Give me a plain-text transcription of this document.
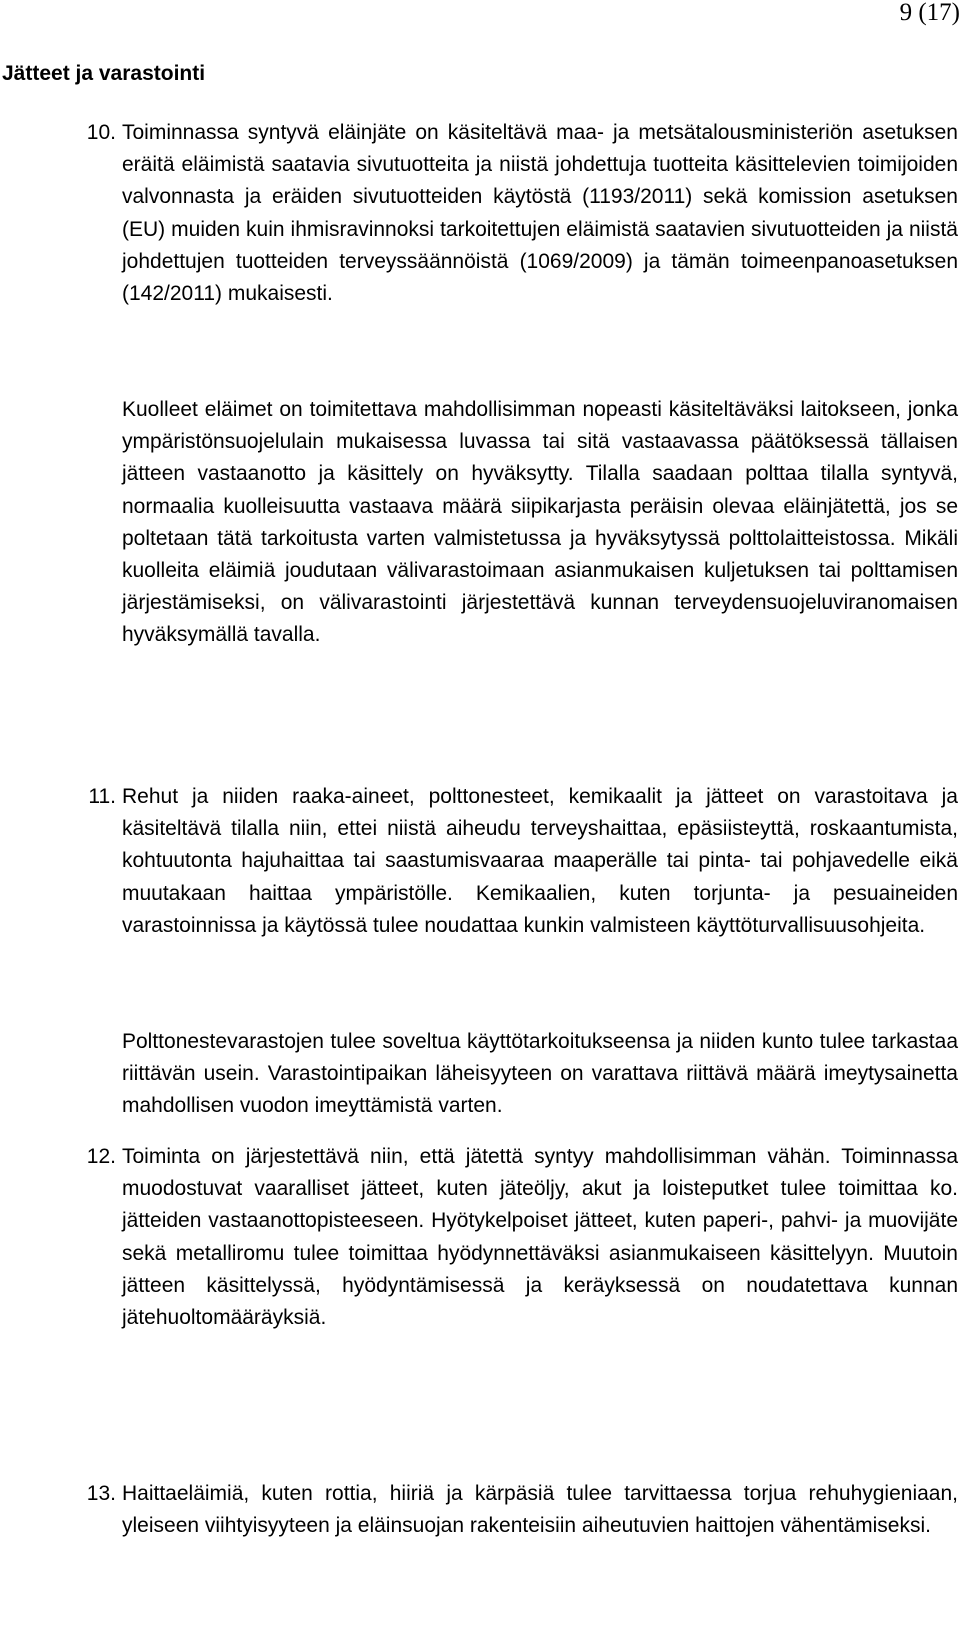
9 (17)
Jätteet ja varastointi
10. Toiminnassa syntyvä eläinjäte on käsiteltävä maa- ja metsätalousministeriön asetuksen eräitä eläimistä saatavia sivutuotteita ja niistä johdettuja tuotteita käsittelevien toimijoiden valvonnasta ja eräiden sivutuotteiden käytöstä (1193/2011) sekä komission asetuksen (EU) muiden kuin ihmisravinnoksi tarkoitettujen eläimistä saatavien sivutuotteiden ja niistä johdettujen tuotteiden terveyssäännöistä (1069/2009) ja tämän toimeenpanoasetuksen (142/2011) mukaisesti.
Kuolleet eläimet on toimitettava mahdollisimman nopeasti käsiteltäväksi laitokseen, jonka ympäristönsuojelulain mukaisessa luvassa tai sitä vastaavassa päätöksessä tällaisen jätteen vastaanotto ja käsittely on hyväksytty. Tilalla saadaan polttaa tilalla syntyvä, normaalia kuolleisuutta vastaava määrä siipikarjasta peräisin olevaa eläinjätettä, jos se poltetaan tätä tarkoitusta varten valmistetussa ja hyväksytyssä polttolaitteistossa. Mikäli kuolleita eläimiä joudutaan välivarastoimaan asianmukaisen kuljetuksen tai polttamisen järjestämiseksi, on välivarastointi järjestettävä kunnan terveydensuojeluviranomaisen hyväksymällä tavalla.
11. Rehut ja niiden raaka-aineet, polttonesteet, kemikaalit ja jätteet on varastoitava ja käsiteltävä tilalla niin, ettei niistä aiheudu terveyshaittaa, epäsiisteyttä, roskaantumista, kohtuutonta hajuhaittaa tai saastumisvaaraa maaperälle tai pinta- tai pohjavedelle eikä muutakaan haittaa ympäristölle. Kemikaalien, kuten torjunta- ja pesuaineiden varastoinnissa ja käytössä tulee noudattaa kunkin valmisteen käyttöturvallisuusohjeita.
Polttonestevarastojen tulee soveltua käyttötarkoitukseensa ja niiden kunto tulee tarkastaa riittävän usein. Varastointipaikan läheisyyteen on varattava riittävä määrä imeytysainetta mahdollisen vuodon imeyttämistä varten.
12. Toiminta on järjestettävä niin, että jätettä syntyy mahdollisimman vähän. Toiminnassa muodostuvat vaaralliset jätteet, kuten jäteöljy, akut ja loisteputket tulee toimittaa ko. jätteiden vastaanottopisteeseen. Hyötykelpoiset jätteet, kuten paperi-, pahvi- ja muovijäte sekä metalliromu tulee toimittaa hyödynnettäväksi asianmukaiseen käsittelyyn. Muutoin jätteen käsittelyssä, hyödyntämisessä ja keräyksessä on noudatettava kunnan jätehuoltomääräyksiä.
13. Haittaeläimiä, kuten rottia, hiiriä ja kärpäsiä tulee tarvittaessa torjua rehuhygieniaan, yleiseen viihtyisyyteen ja eläinsuojan rakenteisiin aiheutuvien haittojen vähentämiseksi.
